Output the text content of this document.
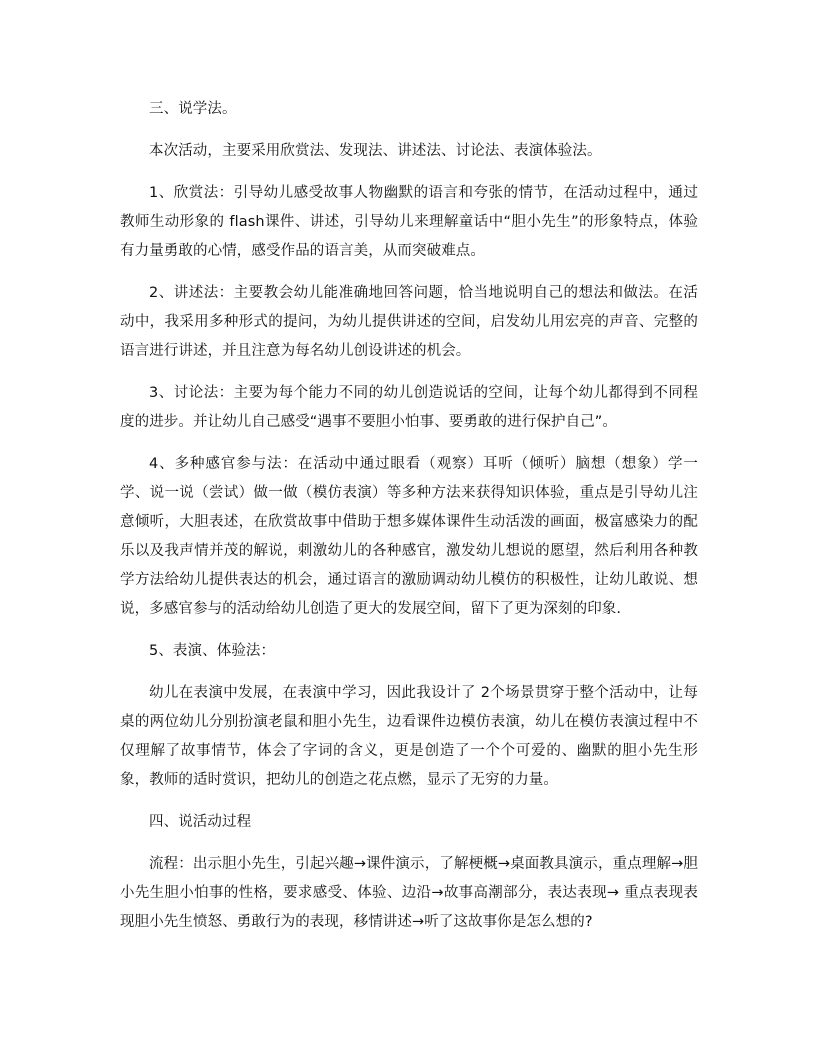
三、说学法。

本次活动，主要采用欣赏法、发现法、讲述法、讨论法、表演体验法。

1、欣赏法：引导幼儿感受故事人物幽默的语言和夸张的情节，在活动过程中，通过教师生动形象的 flash课件、讲述，引导幼儿来理解童话中“胆小先生”的形象特点，体验有力量勇敢的心情，感受作品的语言美，从而突破难点。

2、讲述法：主要教会幼儿能准确地回答问题，恰当地说明自己的想法和做法。在活动中，我采用多种形式的提问，为幼儿提供讲述的空间，启发幼儿用宏亮的声音、完整的语言进行讲述，并且注意为每名幼儿创设讲述的机会。

3、讨论法：主要为每个能力不同的幼儿创造说话的空间，让每个幼儿都得到不同程度的进步。并让幼儿自己感受“遇事不要胆小怕事、要勇敢的进行保护自己”。

4、多种感官参与法：在活动中通过眼看（观察）耳听（倾听）脑想（想象）学一学、说一说（尝试）做一做（模仿表演）等多种方法来获得知识体验，重点是引导幼儿注意倾听，大胆表述，在欣赏故事中借助于想多媒体课件生动活泼的画面，极富感染力的配乐以及我声情并茂的解说，刺激幼儿的各种感官，激发幼儿想说的愿望，然后利用各种教学方法给幼儿提供表达的机会，通过语言的激励调动幼儿模仿的积极性，让幼儿敢说、想说，多感官参与的活动给幼儿创造了更大的发展空间，留下了更为深刻的印象.

5、表演、体验法：

幼儿在表演中发展，在表演中学习，因此我设计了 2个场景贯穿于整个活动中，让每桌的两位幼儿分别扮演老鼠和胆小先生，边看课件边模仿表演，幼儿在模仿表演过程中不仅理解了故事情节，体会了字词的含义，更是创造了一个个可爱的、幽默的胆小先生形象，教师的适时赏识，把幼儿的创造之花点燃，显示了无穷的力量。

四、说活动过程

流程：出示胆小先生，引起兴趣→课件演示，了解梗概→桌面教具演示，重点理解→胆小先生胆小怕事的性格，要求感受、体验、边沿→故事高潮部分，表达表现→ 重点表现表现胆小先生愤怒、勇敢行为的表现，移情讲述→听了这故事你是怎么想的?
